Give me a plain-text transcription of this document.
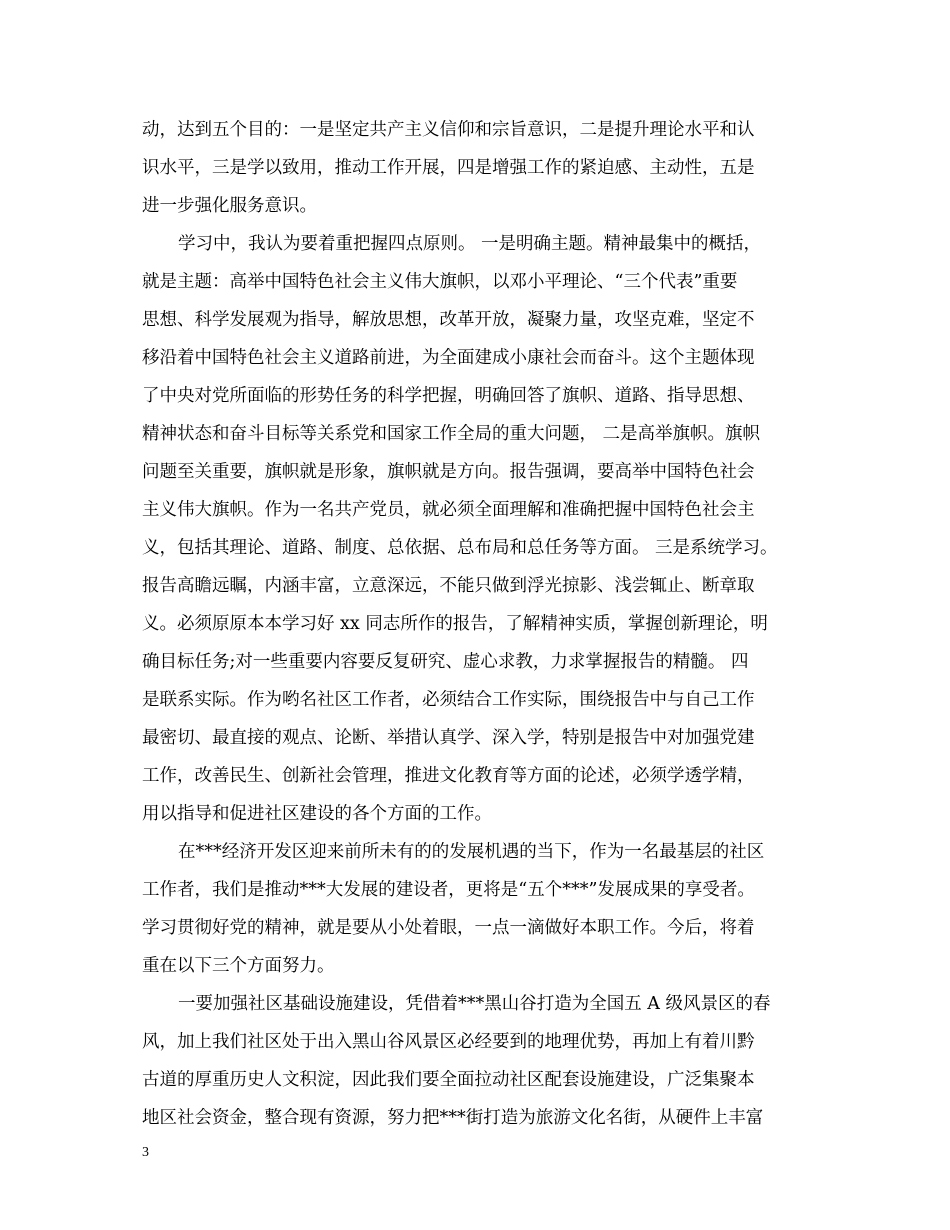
动，达到五个目的：一是坚定共产主义信仰和宗旨意识，二是提升理论水平和认
识水平，三是学以致用，推动工作开展，四是增强工作的紧迫感、主动性，五是
进一步强化服务意识。
学习中，我认为要着重把握四点原则。 一是明确主题。精神最集中的概括，
就是主题：高举中国特色社会主义伟大旗帜，以邓小平理论、“三个代表”重要
思想、科学发展观为指导，解放思想，改革开放，凝聚力量，攻坚克难，坚定不
移沿着中国特色社会主义道路前进，为全面建成小康社会而奋斗。这个主题体现
了中央对党所面临的形势任务的科学把握，明确回答了旗帜、道路、指导思想、
精神状态和奋斗目标等关系党和国家工作全局的重大问题， 二是高举旗帜。旗帜
问题至关重要，旗帜就是形象，旗帜就是方向。报告强调，要高举中国特色社会
主义伟大旗帜。作为一名共产党员，就必须全面理解和准确把握中国特色社会主
义，包括其理论、道路、制度、总依据、总布局和总任务等方面。 三是系统学习。
报告高瞻远瞩，内涵丰富，立意深远，不能只做到浮光掠影、浅尝辄止、断章取
义。必须原原本本学习好 xx 同志所作的报告，了解精神实质，掌握创新理论，明
确目标任务;对一些重要内容要反复研究、虚心求教，力求掌握报告的精髓。 四
是联系实际。作为哟名社区工作者，必须结合工作实际，围绕报告中与自己工作
最密切、最直接的观点、论断、举措认真学、深入学，特别是报告中对加强党建
工作，改善民生、创新社会管理，推进文化教育等方面的论述，必须学透学精，
用以指导和促进社区建设的各个方面的工作。
在***经济开发区迎来前所未有的的发展机遇的当下，作为一名最基层的社区
工作者，我们是推动***大发展的建设者，更将是“五个***”发展成果的享受者。
学习贯彻好党的精神，就是要从小处着眼，一点一滴做好本职工作。今后，将着
重在以下三个方面努力。
一要加强社区基础设施建设，凭借着***黑山谷打造为全国五 A 级风景区的春
风，加上我们社区处于出入黑山谷风景区必经要到的地理优势，再加上有着川黔
古道的厚重历史人文积淀，因此我们要全面拉动社区配套设施建设，广泛集聚本
地区社会资金，整合现有资源，努力把***街打造为旅游文化名街，从硬件上丰富
3
